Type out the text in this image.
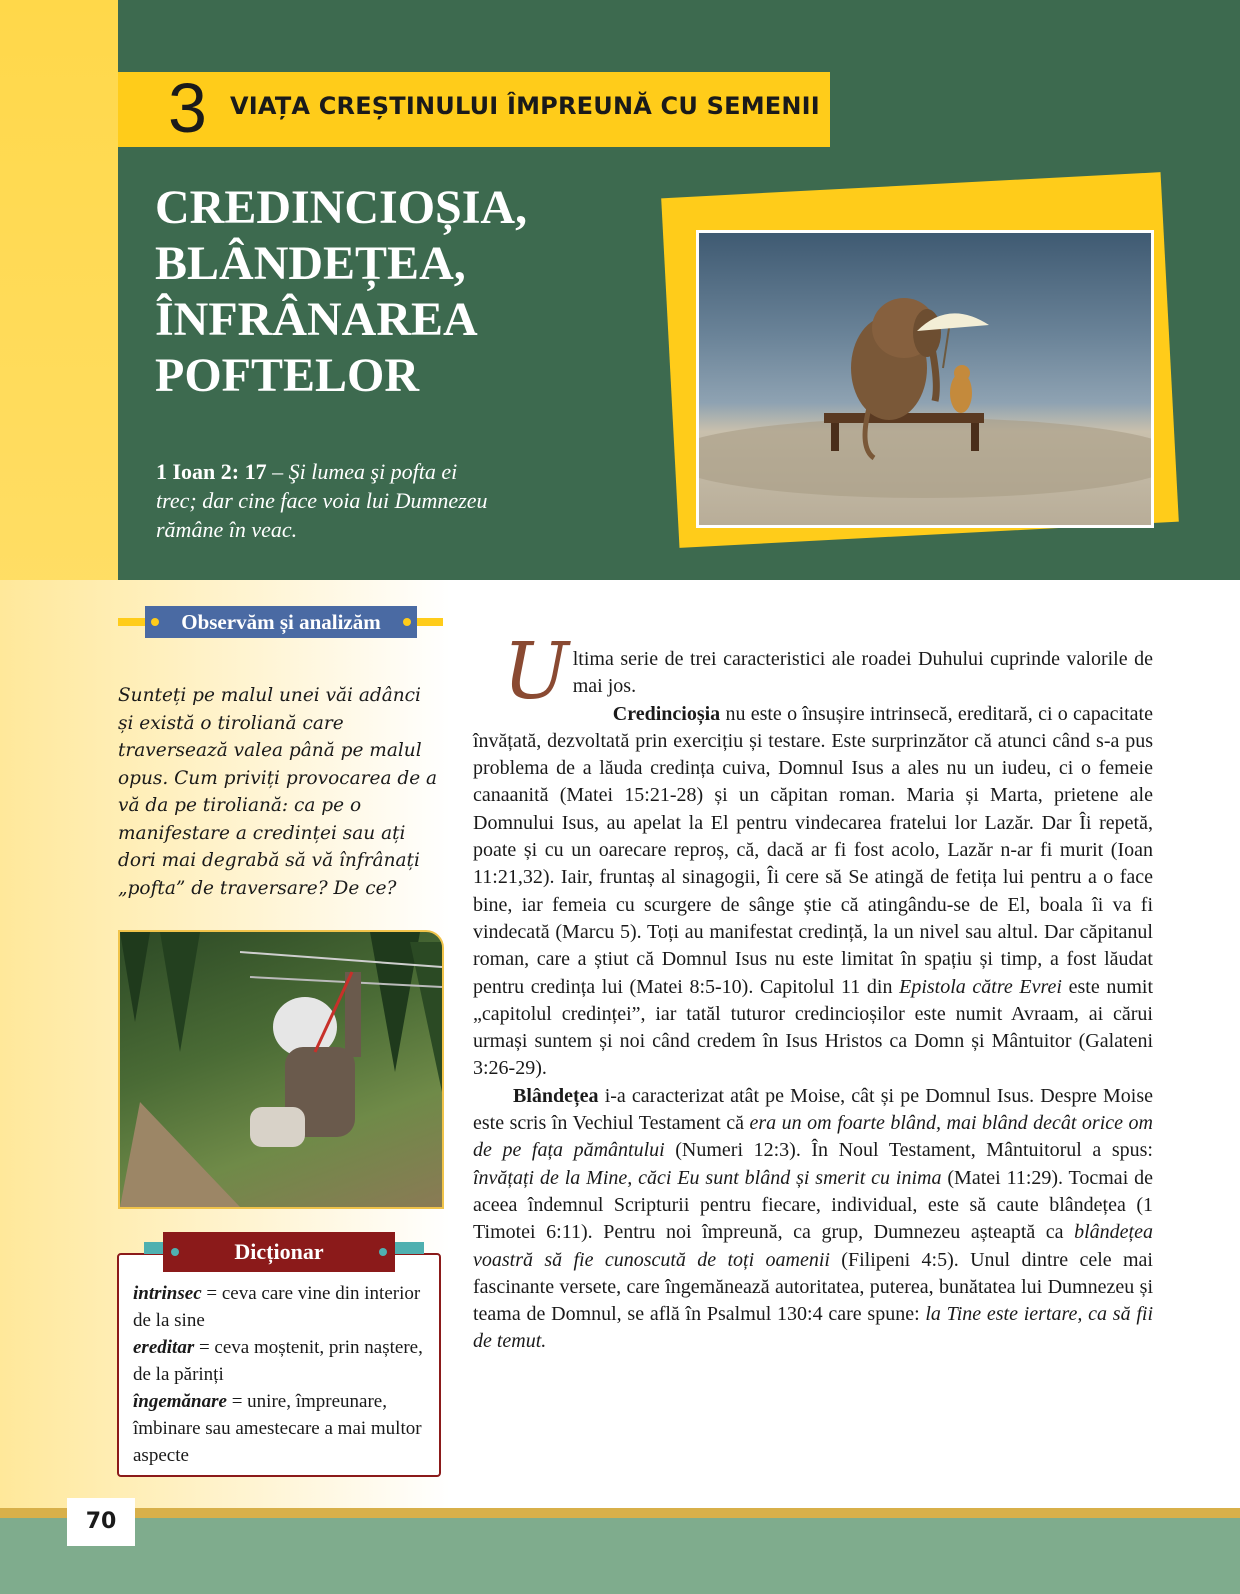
3 VIAȚA CREȘTINULUI ÎMPREUNĂ CU SEMENII
CREDINCIOȘIA,
BLÂNDEȚEA,
ÎNFRÂNAREA
POFTELOR

1 Ioan 2: 17 – Şi lumea şi pofta ei trec; dar cine face voia lui Dumnezeu rămâne în veac.

Observăm și analizăm

Sunteți pe malul unei văi adânci și există o tiroliană care traversează valea până pe malul opus. Cum priviți provocarea de a vă da pe tiroliană: ca pe o manifestare a credinței sau ați dori mai degrabă să vă înfrânați „pofta” de traversare? De ce?

Dicționar
intrinsec = ceva care vine din interior de la sine
ereditar = ceva moștenit, prin naștere, de la părinți
îngemănare = unire, împreunare, îmbinare sau amestecare a mai multor aspecte

Ultima serie de trei caracteristici ale roadei Duhului cuprinde valorile de mai jos.

Credincioșia nu este o însușire intrinsecă, ereditară, ci o capacitate învățată, dezvoltată prin exercițiu și testare. Este surprinzător că atunci când s-a pus problema de a lăuda credința cuiva, Domnul Isus a ales nu un iudeu, ci o femeie canaanită (Matei 15:21-28) și un căpitan roman. Maria și Marta, prietene ale Domnului Isus, au apelat la El pentru vindecarea fratelui lor Lazăr. Dar Îi repetă, poate și cu un oarecare reproș, că, dacă ar fi fost acolo, Lazăr n-ar fi murit (Ioan 11:21,32). Iair, fruntaș al sinagogii, Îi cere să Se atingă de fetița lui pentru a o face bine, iar femeia cu scurgere de sânge știe că atingându-se de El, boala îi va fi vindecată (Marcu 5). Toți au manifestat credință, la un nivel sau altul. Dar căpitanul roman, care a știut că Domnul Isus nu este limitat în spațiu și timp, a fost lăudat pentru credința lui (Matei 8:5-10). Capitolul 11 din Epistola către Evrei este numit „capitolul credinței”, iar tatăl tuturor credincioșilor este numit Avraam, ai cărui urmași suntem și noi când credem în Isus Hristos ca Domn și Mântuitor (Galateni 3:26-29).

Blândețea i-a caracterizat atât pe Moise, cât și pe Domnul Isus. Despre Moise este scris în Vechiul Testament că era un om foarte blând, mai blând decât orice om de pe fața pământului (Numeri 12:3). În Noul Testament, Mântuitorul a spus: învățați de la Mine, căci Eu sunt blând și smerit cu inima (Matei 11:29). Tocmai de aceea îndemnul Scripturii pentru fiecare, individual, este să caute blândețea (1 Timotei 6:11). Pentru noi împreună, ca grup, Dumnezeu așteaptă ca blândețea voastră să fie cunoscută de toți oamenii (Filipeni 4:5). Unul dintre cele mai fascinante versete, care îngemănează autoritatea, puterea, bunătatea lui Dumnezeu și teama de Domnul, se află în Psalmul 130:4 care spune: la Tine este iertare, ca să fii de temut.

70
